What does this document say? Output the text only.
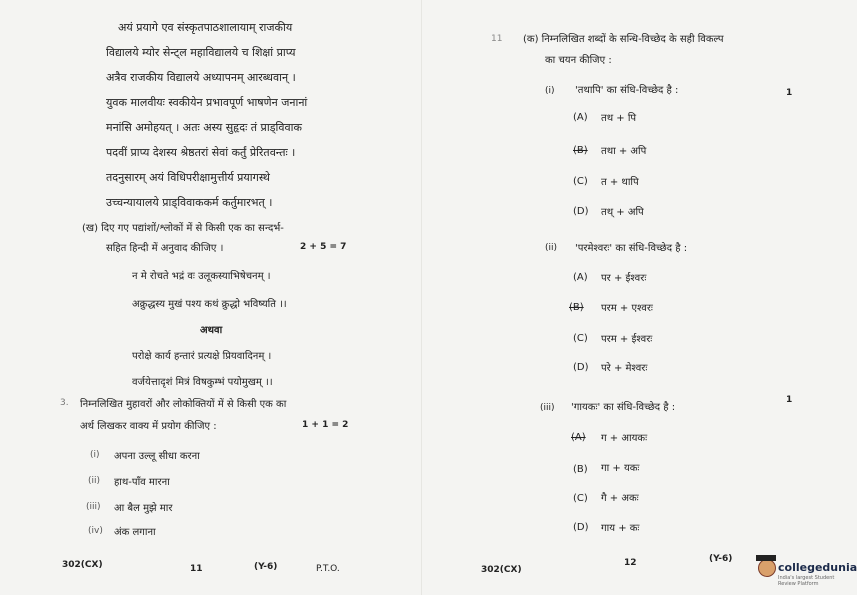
अयं प्रयागे एव संस्कृतपाठशालायाम् राजकीय
विद्यालये म्योर सेन्ट्ल महाविद्यालये च शिक्षां प्राप्य
अत्रैव राजकीय विद्यालये अध्यापनम् आरब्धवान् ।
युवक मालवीयः स्वकीयेन प्रभावपूर्ण भाषणेन जनानां
मनांसि अमोहयत् । अतः अस्य सुहृदः तं प्राड्विवाक
पदवीं प्राप्य देशस्य श्रेष्ठतरां सेवां कर्तुं प्रेरितवन्तः ।
तदनुसारम् अयं विधिपरीक्षामुत्तीर्य प्रयागस्थे
उच्चन्यायालये प्राड्विवाककर्म कर्तुमारभत् ।
(ख) दिए गए पद्यांशों/श्लोकों में से किसी एक का सन्दर्भ-
सहित हिन्दी में अनुवाद कीजिए ।	2 + 5 = 7
न मे रोचते भद्रं वः उलूकस्याभिषेचनम् ।
अक्रुद्धस्य मुखं पश्य कथं क्रुद्धो भविष्यति ।।
अथवा
परोक्षे कार्य हन्तारं प्रत्यक्षे प्रियवादिनम् ।
वर्जयेत्तादृशं मित्रं विषकुम्भं पयोमुखम् ।।
3. निम्नलिखित मुहावरों और लोकोक्तियों में से किसी एक का
अर्थ लिखकर वाक्य में प्रयोग कीजिए :	1 + 1 = 2
(i) अपना उल्लू सीधा करना
(ii) हाथ-पाँव मारना
(iii) आ बैल मुझे मार
(iv) अंक लगाना
302(CX)	11	(Y-6)	P.T.O.
11 (क) निम्नलिखित शब्दों के सन्धि-विच्छेद के सही विकल्प
का चयन कीजिए :
(i) 'तथापि' का संधि-विच्छेद है :	1
(A) तथ + पि
(B) तथा + अपि
(C) त + थापि
(D) तथ् + अपि
(ii) 'परमेश्वरः' का संधि-विच्छेद है :
(A) पर + ईश्वरः
(B) परम + एश्वरः
(C) परम + ईश्वरः
(D) परे + मेश्वरः
(iii) 'गायकः' का संधि-विच्छेद है :
1
(A) ग + आयकः
(B) गा + यकः
(C) गै + अकः
(D) गाय + कः
302(CX)
12	(Y-6)
collegedunia
India's largest Student Review Platform
